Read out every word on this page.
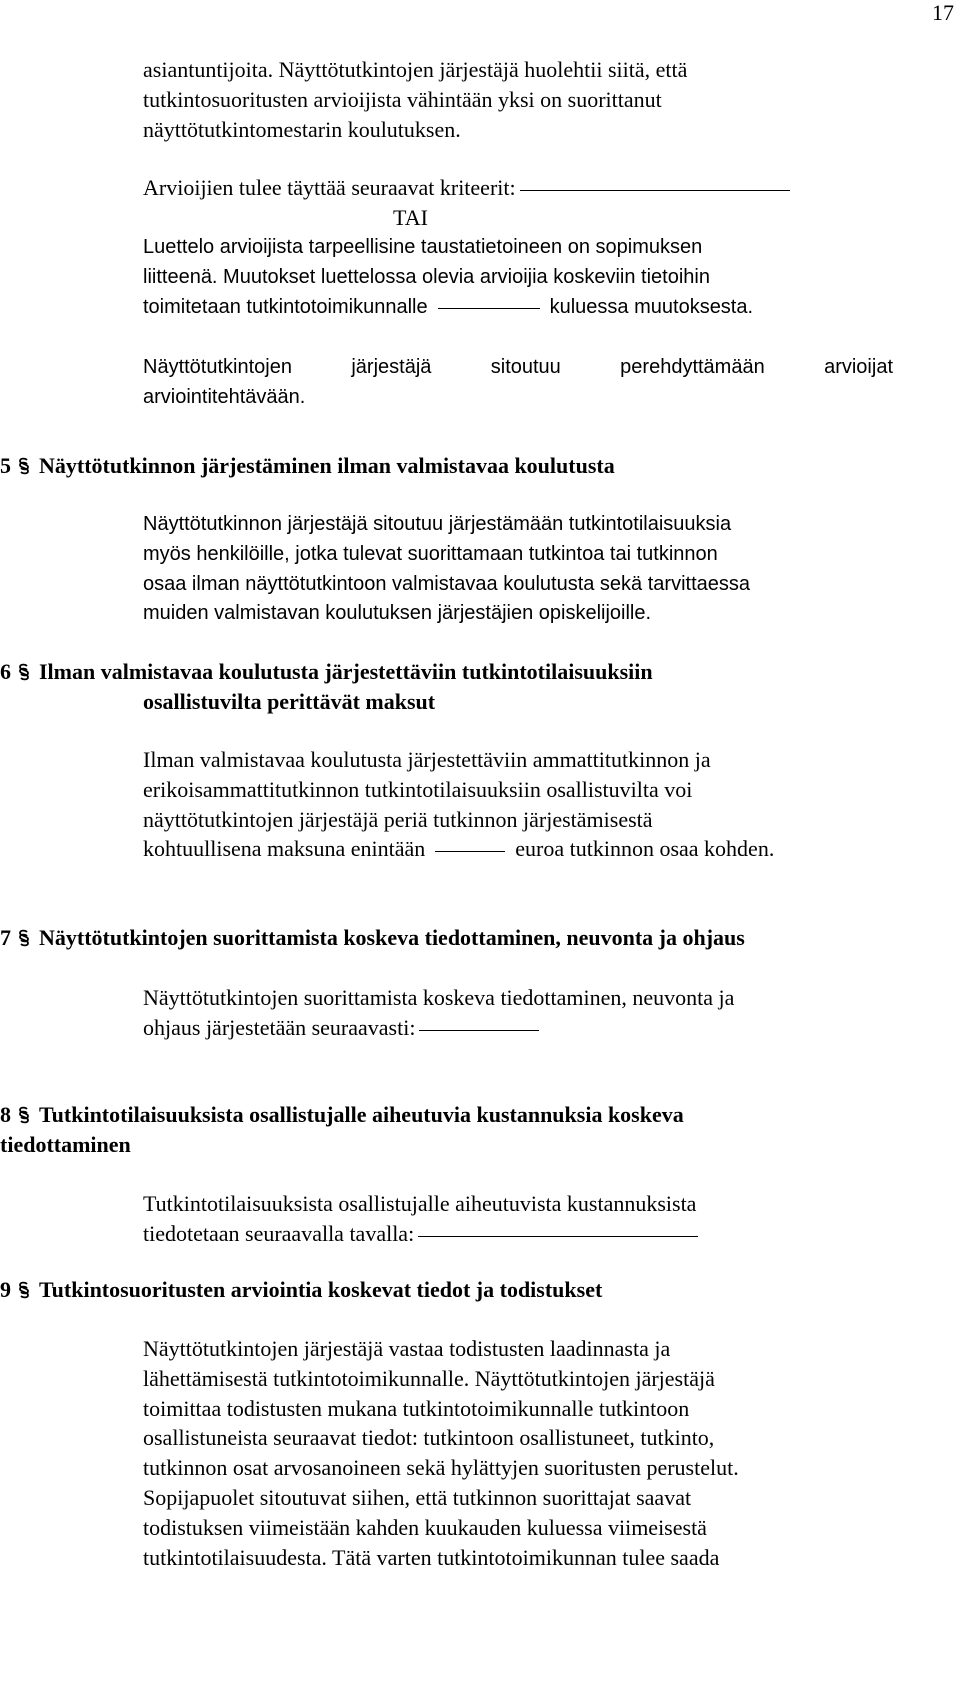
17
asiantuntijoita. Näyttötutkintojen järjestäjä huolehtii siitä, että
tutkintosuoritusten arvioijista vähintään yksi on suorittanut
näyttötutkintomestarin koulutuksen.
Arvioijien tulee täyttää seuraavat kriteerit:
TAI
Luettelo arvioijista tarpeellisine taustatietoineen on sopimuksen
liitteenä. Muutokset luettelossa olevia arvioijia koskeviin tietoihin
toimitetaan tutkintotoimikunnalle	kuluessa muutoksesta.
Näyttötutkintojen	järjestäjä	sitoutuu	perehdyttämään	arvioijat
arviointitehtävään.
5 Näyttötutkinnon järjestäminen ilman valmistavaa koulutusta
Näyttötutkinnon järjestäjä sitoutuu järjestämään tutkintotilaisuuksia
myös henkilöille, jotka tulevat suorittamaan tutkintoa tai tutkinnon
osaa ilman näyttötutkintoon valmistavaa koulutusta sekä tarvittaessa
muiden valmistavan koulutuksen järjestäjien opiskelijoille.
6 Ilman valmistavaa koulutusta järjestettäviin tutkintotilaisuuksiin
osallistuvilta perittävät maksut
Ilman valmistavaa koulutusta järjestettäviin ammattitutkinnon ja
erikoisammattitutkinnon tutkintotilaisuuksiin osallistuvilta voi
näyttötutkintojen järjestäjä periä tutkinnon järjestämisestä
kohtuullisena maksuna enintään	euroa tutkinnon osaa kohden.
7 Näyttötutkintojen suorittamista koskeva tiedottaminen, neuvonta ja ohjaus
Näyttötutkintojen suorittamista koskeva tiedottaminen, neuvonta ja
ohjaus järjestetään seuraavasti:
8 Tutkintotilaisuuksista osallistujalle aiheutuvia kustannuksia koskeva
tiedottaminen
Tutkintotilaisuuksista osallistujalle aiheutuvista kustannuksista
tiedotetaan seuraavalla tavalla:
9 Tutkintosuoritusten arviointia koskevat tiedot ja todistukset
Näyttötutkintojen järjestäjä vastaa todistusten laadinnasta ja
lähettämisestä tutkintotoimikunnalle. Näyttötutkintojen järjestäjä
toimittaa todistusten mukana tutkintotoimikunnalle tutkintoon
osallistuneista seuraavat tiedot: tutkintoon osallistuneet, tutkinto,
tutkinnon osat arvosanoineen sekä hylättyjen suoritusten perustelut.
Sopijapuolet sitoutuvat siihen, että tutkinnon suorittajat saavat
todistuksen viimeistään kahden kuukauden kuluessa viimeisestä
tutkintotilaisuudesta. Tätä varten tutkintotoimikunnan tulee saada
